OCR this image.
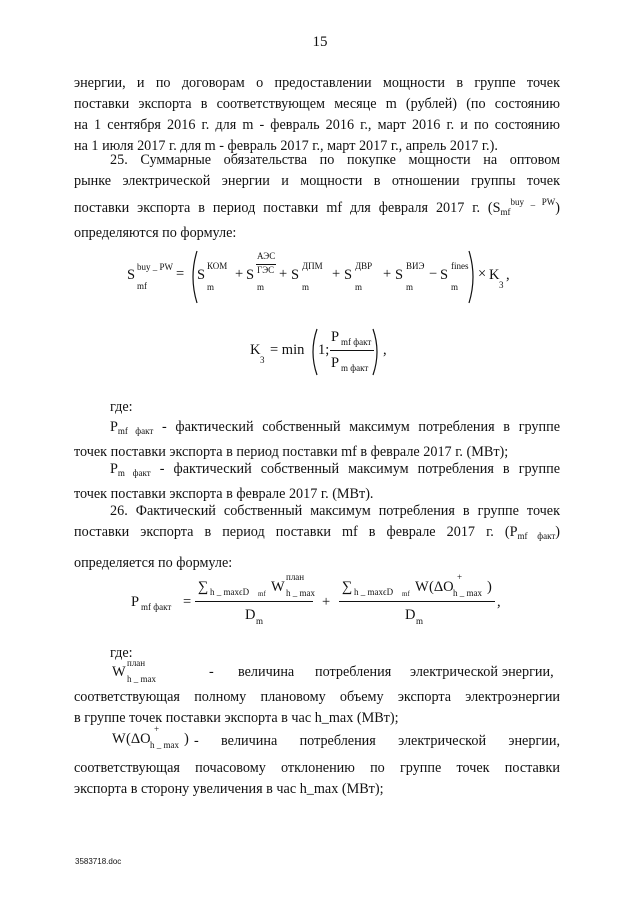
15
энергии, и по договорам о предоставлении мощности в группе точек
поставки экспорта в соответствующем месяце m (рублей) (по состоянию
на 1 сентября 2016 г. для m - февраль 2016 г., март 2016 г. и по состоянию
на 1 июля 2017 г. для m - февраль 2017 г., март 2017 г., апрель 2017 г.).
25. Суммарные обязательства по покупке мощности на оптовом
рынке электрической энергии и мощности в отношении группы точек
поставки экспорта в период поставки mf для февраля 2017 г. $(S_{mf}^{buy \_ PW})$
определяются по формуле:
S buy _ PW
mf
= S
КОМ
m
+ S
АЭС
ГЭС
m
+ S
ДПМ
m
+ S
ДВР
m
+ S
ВИЭ
m
− S
fines
m
× K
3
,
K
3
= min 1;
P mf факт
P m факт
,
где:
$P_{mf факт}$ - фактический собственный максимум потребления в группе
точек поставки экспорта в период поставки mf в феврале 2017 г. (МВт);
$P_{m факт}$ - фактический собственный максимум потребления в группе
точек поставки экспорта в феврале 2017 г. (МВт).
26. Фактический собственный максимум потребления в группе точек
поставки экспорта в период поставки mf в феврале 2017 г. $(P_{mf факт})$
определяется по формуле:
P mf факт =
∑ h _ maxϵD mf W
план
h _ max
D m
+
∑ h _ maxϵD mf W (ΔO
+
h _ max )
D m
,
где:
W
план
h _ max	- величина потребления электрической энергии,
соответствующая полному плановому объему экспорта электроэнергии
в группе точек поставки экспорта в час h_max (МВт);
W (ΔO
+
h _ max ) - величина потребления электрической энергии,
соответствующая почасовому отклонению по группе точек поставки
экспорта в сторону увеличения в час h_max (МВт);
3583718.doc
